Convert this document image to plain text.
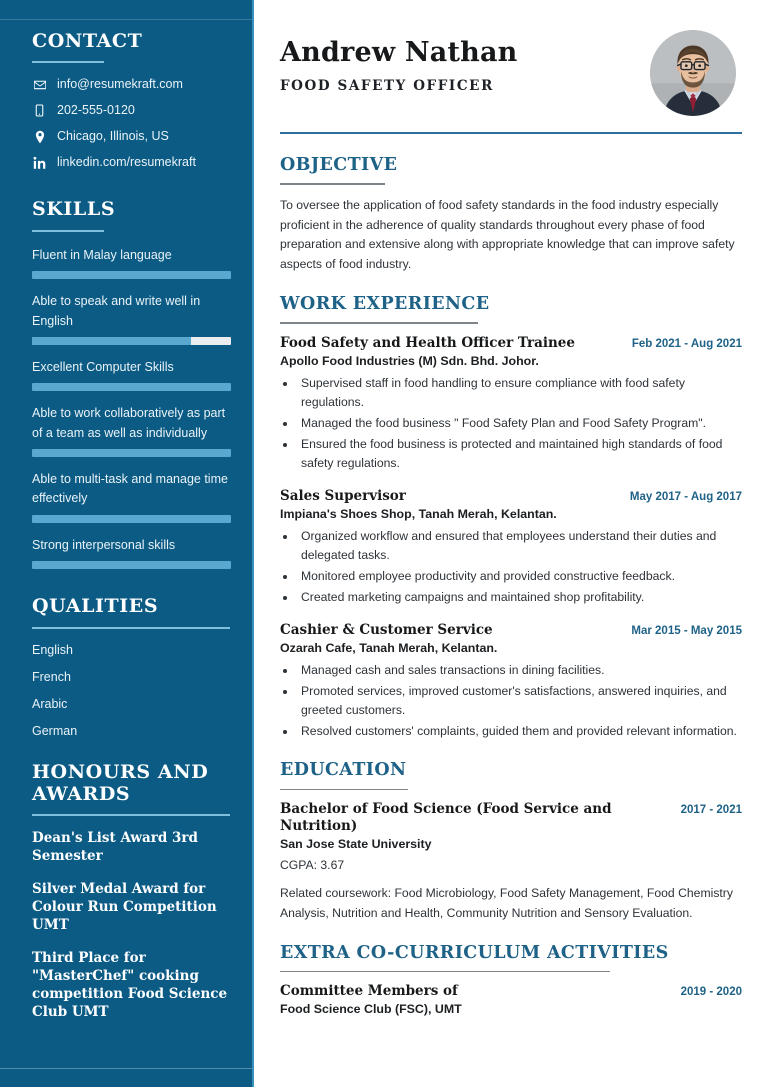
CONTACT
info@resumekraft.com
202-555-0120
Chicago, Illinois, US
linkedin.com/resumekraft
SKILLS
Fluent in Malay language
Able to speak and write well in English
Excellent Computer Skills
Able to work collaboratively as part of a team as well as individually
Able to multi-task and manage time effectively
Strong interpersonal skills
QUALITIES
English
French
Arabic
German
HONOURS AND AWARDS
Dean's List Award 3rd Semester
Silver Medal Award for Colour Run Competition UMT
Third Place for "MasterChef" cooking competition Food Science Club UMT
Andrew Nathan
FOOD SAFETY OFFICER
OBJECTIVE

To oversee the application of food safety standards in the food industry especially proficient in the adherence of quality standards throughout every phase of food preparation and extensive along with appropriate knowledge that can improve safety aspects of food industry.

WORK EXPERIENCE
Food Safety and Health Officer Trainee	Feb 2021 - Aug 2021
Apollo Food Industries (M) Sdn. Bhd. Johor.
• Supervised staff in food handling to ensure compliance with food safety regulations.
• Managed the food business " Food Safety Plan and Food Safety Program".
• Ensured the food business is protected and maintained high standards of food safety regulations.
Sales Supervisor	May 2017 - Aug 2017
Impiana's Shoes Shop, Tanah Merah, Kelantan.
• Organized workflow and ensured that employees understand their duties and delegated tasks.
• Monitored employee productivity and provided constructive feedback.
• Created marketing campaigns and maintained shop profitability.
Cashier & Customer Service	Mar 2015 - May 2015
Ozarah Cafe, Tanah Merah, Kelantan.
• Managed cash and sales transactions in dining facilities.
• Promoted services, improved customer's satisfactions, answered inquiries, and greeted customers.
• Resolved customers' complaints, guided them and provided relevant information.
EDUCATION
Bachelor of Food Science (Food Service and Nutrition)
2017 - 2021
San Jose State University
CGPA: 3.67
Related coursework: Food Microbiology, Food Safety Management, Food Chemistry Analysis, Nutrition and Health, Community Nutrition and Sensory Evaluation.
EXTRA CO-CURRICULUM ACTIVITIES
Committee Members of	2019 - 2020
Food Science Club (FSC), UMT
